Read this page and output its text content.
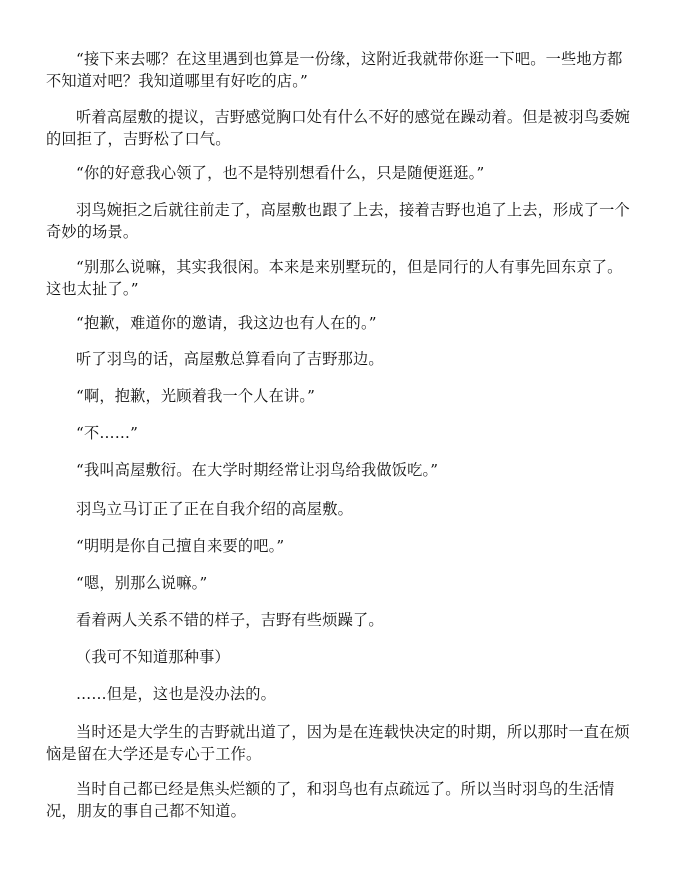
“接下来去哪？在这里遇到也算是一份缘，这附近我就带你逛一下吧。一些地方都不知道对吧？我知道哪里有好吃的店。”

听着高屋敷的提议，吉野感觉胸口处有什么不好的感觉在躁动着。但是被羽鸟委婉的回拒了，吉野松了口气。

“你的好意我心领了，也不是特别想看什么，只是随便逛逛。”

羽鸟婉拒之后就往前走了，高屋敷也跟了上去，接着吉野也追了上去，形成了一个奇妙的场景。

“别那么说嘛，其实我很闲。本来是来别墅玩的，但是同行的人有事先回东京了。这也太扯了。”

“抱歉，难道你的邀请，我这边也有人在的。”

听了羽鸟的话，高屋敷总算看向了吉野那边。

“啊，抱歉，光顾着我一个人在讲。”

“不……”

“我叫高屋敷衍。在大学时期经常让羽鸟给我做饭吃。”

羽鸟立马订正了正在自我介绍的高屋敷。

“明明是你自己擅自来要的吧。”

“嗯，别那么说嘛。”

看着两人关系不错的样子，吉野有些烦躁了。

（我可不知道那种事）

……但是，这也是没办法的。

当时还是大学生的吉野就出道了，因为是在连载快决定的时期，所以那时一直在烦恼是留在大学还是专心于工作。

当时自己都已经是焦头烂额的了，和羽鸟也有点疏远了。所以当时羽鸟的生活情况，朋友的事自己都不知道。
